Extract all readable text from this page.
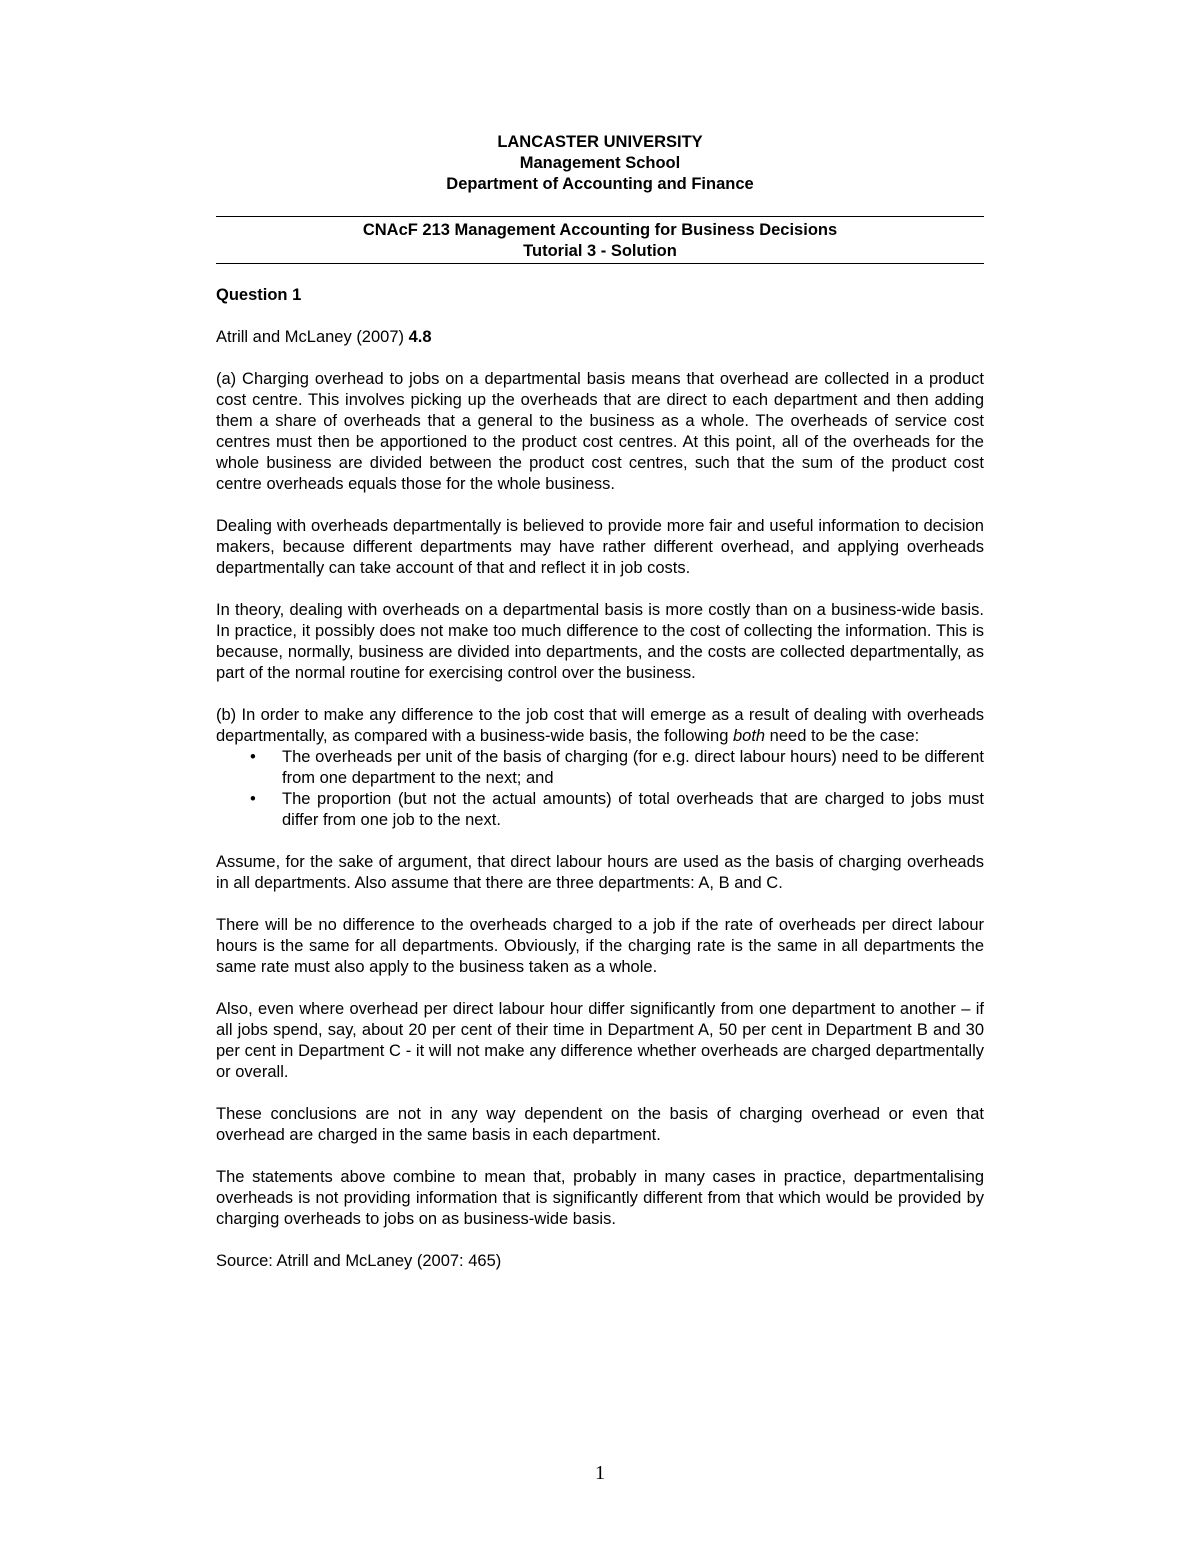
LANCASTER UNIVERSITY
Management School
Department of Accounting and Finance
CNAcF 213 Management Accounting for Business Decisions
Tutorial 3 - Solution
Question 1

Atrill and McLaney (2007) 4.8

(a) Charging overhead to jobs on a departmental basis means that overhead are collected in a product cost centre. This involves picking up the overheads that are direct to each department and then adding them a share of overheads that a general to the business as a whole. The overheads of service cost centres must then be apportioned to the product cost centres. At this point, all of the overheads for the whole business are divided between the product cost centres, such that the sum of the product cost centre overheads equals those for the whole business.

Dealing with overheads departmentally is believed to provide more fair and useful information to decision makers, because different departments may have rather different overhead, and applying overheads departmentally can take account of that and reflect it in job costs.

In theory, dealing with overheads on a departmental basis is more costly than on a business-wide basis. In practice, it possibly does not make too much difference to the cost of collecting the information. This is because, normally, business are divided into departments, and the costs are collected departmentally, as part of the normal routine for exercising control over the business.

(b) In order to make any difference to the job cost that will emerge as a result of dealing with overheads departmentally, as compared with a business-wide basis, the following both need to be the case:

• The overheads per unit of the basis of charging (for e.g. direct labour hours) need to be different from one department to the next; and
• The proportion (but not the actual amounts) of total overheads that are charged to jobs must differ from one job to the next.

Assume, for the sake of argument, that direct labour hours are used as the basis of charging overheads in all departments. Also assume that there are three departments: A, B and C.

There will be no difference to the overheads charged to a job if the rate of overheads per direct labour hours is the same for all departments. Obviously, if the charging rate is the same in all departments the same rate must also apply to the business taken as a whole.

Also, even where overhead per direct labour hour differ significantly from one department to another – if all jobs spend, say, about 20 per cent of their time in Department A, 50 per cent in Department B and 30 per cent in Department C - it will not make any difference whether overheads are charged departmentally or overall.

These conclusions are not in any way dependent on the basis of charging overhead or even that overhead are charged in the same basis in each department.

The statements above combine to mean that, probably in many cases in practice, departmentalising overheads is not providing information that is significantly different from that which would be provided by charging overheads to jobs on as business-wide basis.

Source: Atrill and McLaney (2007: 465)

1
